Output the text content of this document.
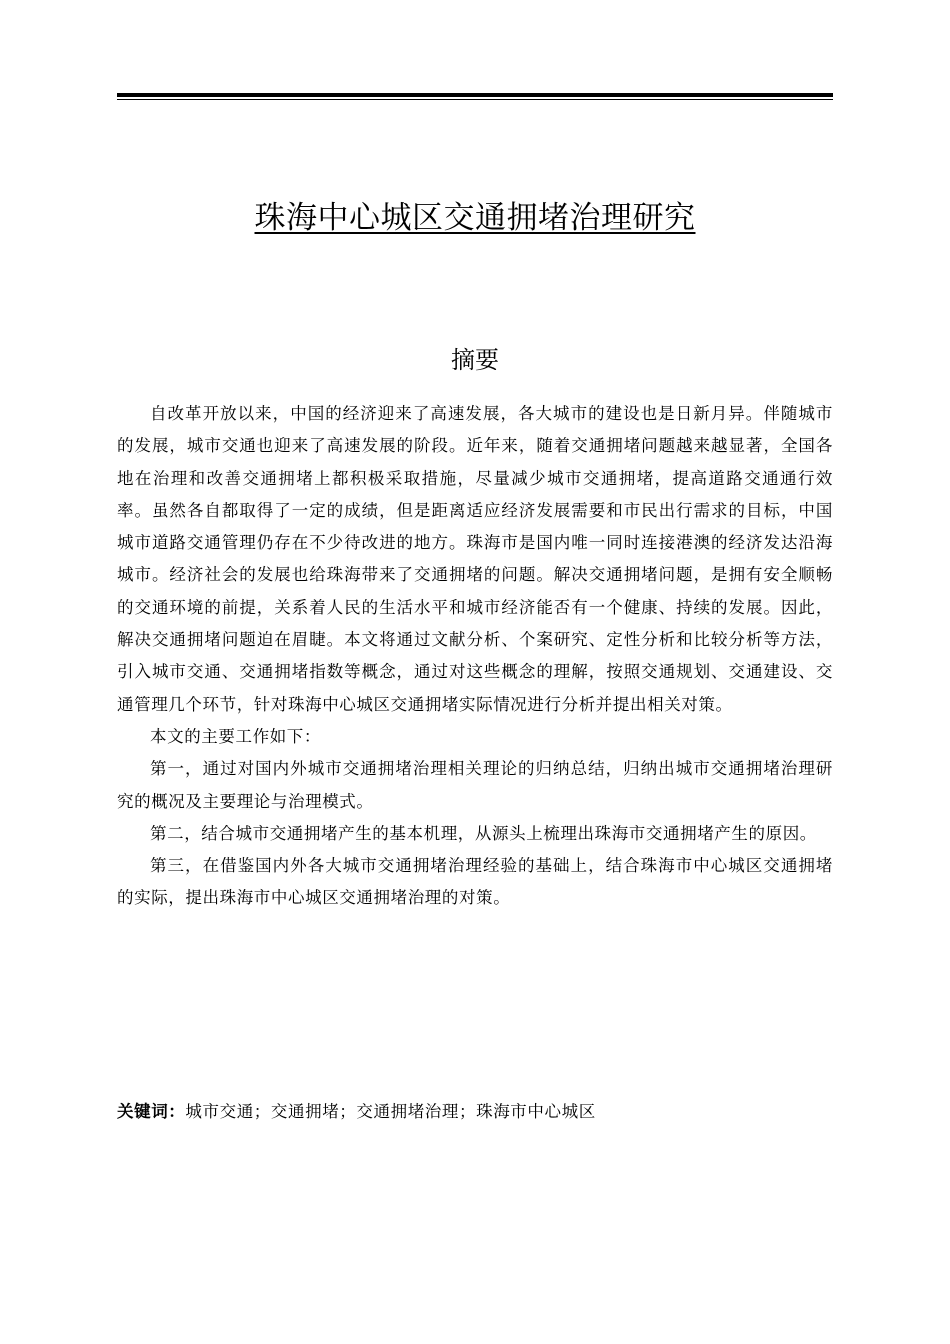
珠海中心城区交通拥堵治理研究
摘要

自改革开放以来，中国的经济迎来了高速发展，各大城市的建设也是日新月异。伴随城市的发展，城市交通也迎来了高速发展的阶段。近年来，随着交通拥堵问题越来越显著，全国各地在治理和改善交通拥堵上都积极采取措施，尽量减少城市交通拥堵，提高道路交通通行效率。虽然各自都取得了一定的成绩，但是距离适应经济发展需要和市民出行需求的目标，中国城市道路交通管理仍存在不少待改进的地方。珠海市是国内唯一同时连接港澳的经济发达沿海城市。经济社会的发展也给珠海带来了交通拥堵的问题。解决交通拥堵问题，是拥有安全顺畅的交通环境的前提，关系着人民的生活水平和城市经济能否有一个健康、持续的发展。因此，解决交通拥堵问题迫在眉睫。本文将通过文献分析、个案研究、定性分析和比较分析等方法，引入城市交通、交通拥堵指数等概念，通过对这些概念的理解，按照交通规划、交通建设、交通管理几个环节，针对珠海中心城区交通拥堵实际情况进行分析并提出相关对策。

本文的主要工作如下：

第一，通过对国内外城市交通拥堵治理相关理论的归纳总结，归纳出城市交通拥堵治理研究的概况及主要理论与治理模式。

第二，结合城市交通拥堵产生的基本机理，从源头上梳理出珠海市交通拥堵产生的原因。

第三，在借鉴国内外各大城市交通拥堵治理经验的基础上，结合珠海市中心城区交通拥堵的实际，提出珠海市中心城区交通拥堵治理的对策。

关键词：城市交通；交通拥堵；交通拥堵治理；珠海市中心城区
